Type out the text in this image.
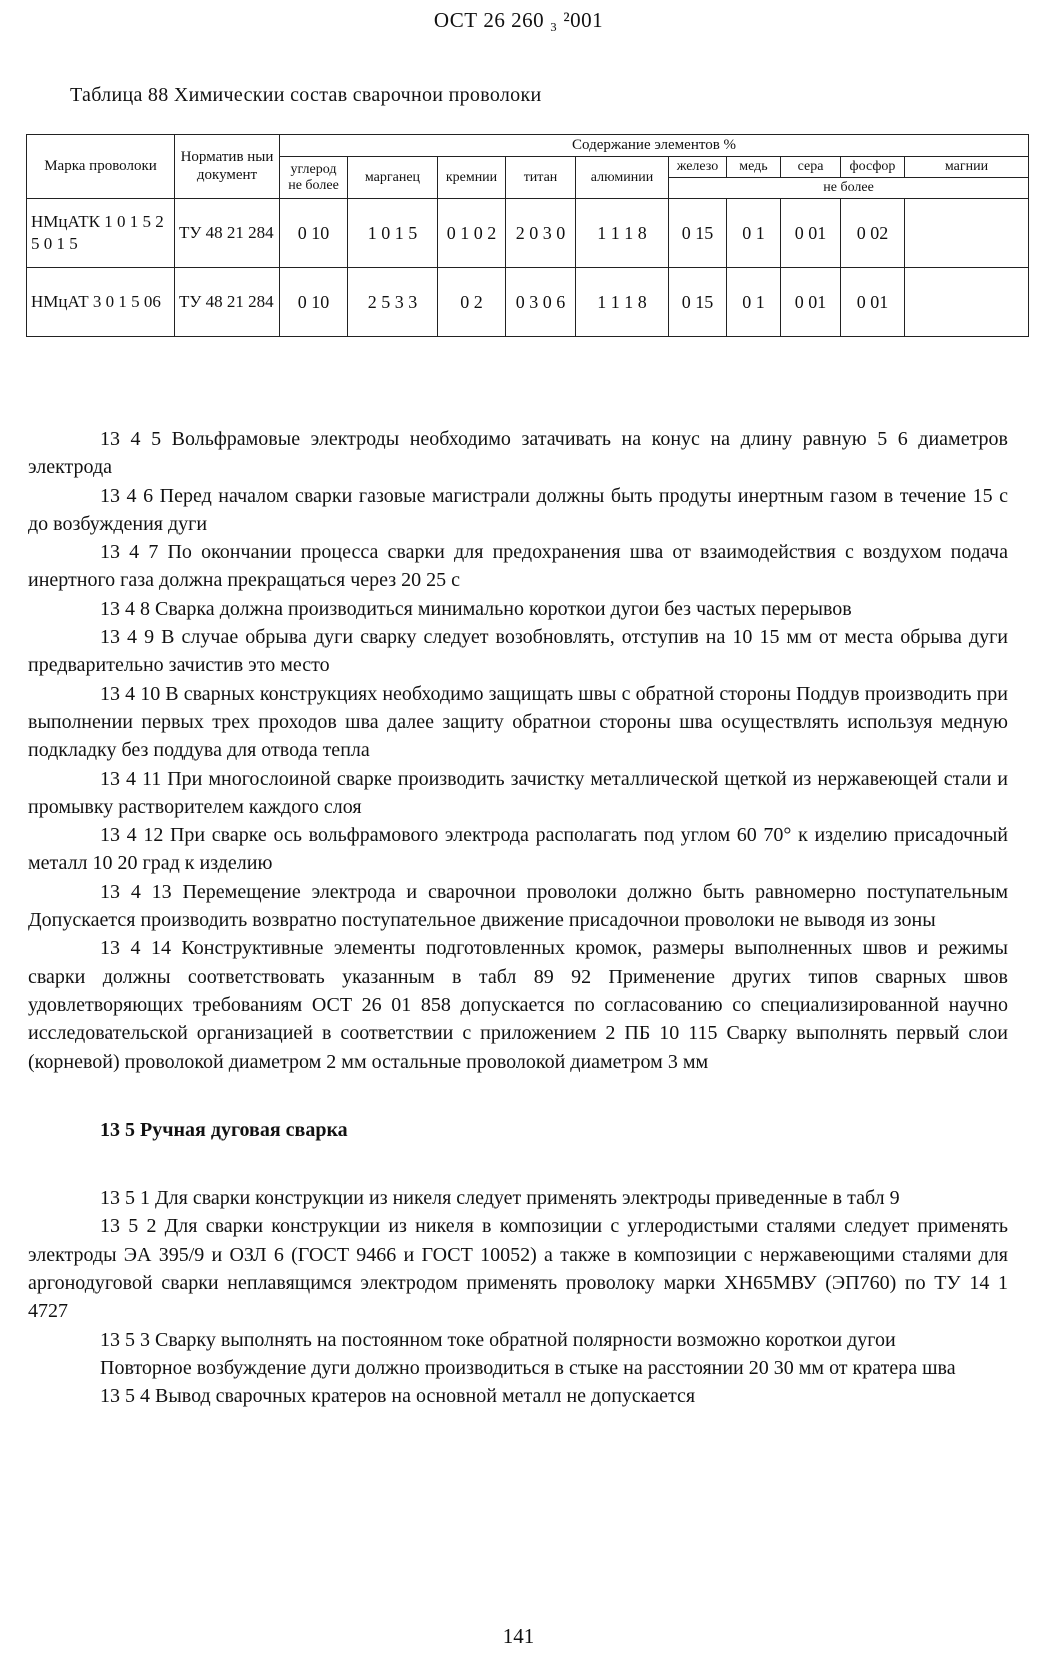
ОСТ 26 260 ₃ ²001
Таблица 88 Химическии состав сварочнои проволоки
Марка проволоки	Норматив ныи документ	Содержание элементов %									
		углерод не более	марганец	кремнии	титан	алюминии	железо	медь	сера	фосфор	магнии
							не более				
НМцАТК 1 0 1 5 2 5 0 1 5	ТУ 48 21 284	0 10	1 0 1 5	0 1 0 2	2 0 3 0	1 1 1 8	0 15	0 1	0 01	0 02	
НМцАТ 3 0 1 5 06	ТУ 48 21 284	0 10	2 5 3 3	0 2	0 3 0 6	1 1 1 8	0 15	0 1	0 01	0 01	

13 4 5 Вольфрамовые электроды необходимо затачивать на конус на длину равную 5 6 диаметров электрода

13 4 6 Перед началом сварки газовые магистрали должны быть продуты инертным газом в течение 15 с до возбуждения дуги

13 4 7 По окончании процесса сварки для предохранения шва от взаимодействия с воздухом подача инертного газа должна прекращаться через 20 25 с

13 4 8 Сварка должна производиться минимально короткои дугои без частых перерывов

13 4 9 В случае обрыва дуги сварку следует возобновлять, отступив на 10 15 мм от места обрыва дуги предварительно зачистив это место

13 4 10 В сварных конструкциях необходимо защищать швы с обратной стороны Поддув производить при выполнении первых трех проходов шва далее защиту обратнои стороны шва осуществлять используя медную подкладку без поддува для отвода тепла

13 4 11 При многослоиной сварке производить зачистку металлической щеткой из нержавеющей стали и промывку растворителем каждого слоя

13 4 12 При сварке ось вольфрамового электрода располагать под углом 60 70° к изделию присадочный металл 10 20 град к изделию

13 4 13 Перемещение электрода и сварочнои проволоки должно быть равномерно поступательным Допускается производить возвратно поступательное движение присадочнои проволоки не выводя из зоны

13 4 14 Конструктивные элементы подготовленных кромок, размеры выполненных швов и режимы сварки должны соответствовать указанным в табл 89 92 Применение других типов сварных швов удовлетворяющих требованиям ОСТ 26 01 858 допускается по согласованию со специализированной научно исследовательской организацией в соответствии с приложением 2 ПБ 10 115 Сварку выполнять первый слои (корневой) проволокой диаметром 2 мм остальные проволокой диаметром 3 мм

13 5 Ручная дуговая сварка

13 5 1 Для сварки конструкции из никеля следует применять электроды приведенные в табл 9

13 5 2 Для сварки конструкции из никеля в композиции с углеродистыми сталями следует применять электроды ЭА 395/9 и ОЗЛ 6 (ГОСТ 9466 и ГОСТ 10052) а также в композиции с нержавеющими сталями для аргонодуговой сварки неплавящимся электродом применять проволоку марки ХН65МВУ (ЭП760) по ТУ 14 1 4727

13 5 3 Сварку выполнять на постоянном токе обратной полярности возможно короткои дугои

Повторное возбуждение дуги должно производиться в стыке на расстоянии 20 30 мм от кратера шва

13 5 4 Вывод сварочных кратеров на основной металл не допускается

141
